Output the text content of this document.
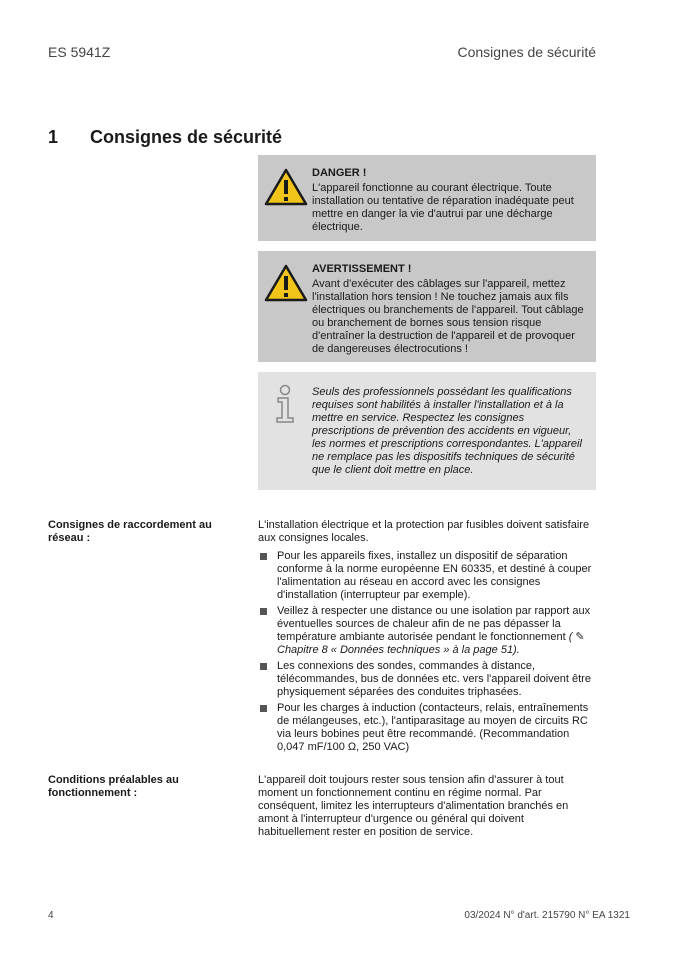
ES 5941Z	Consignes de sécurité
1 Consignes de sécurité
DANGER !
L'appareil fonctionne au courant électrique. Toute installation ou tentative de réparation inadéquate peut mettre en danger la vie d'autrui par une décharge électrique.
AVERTISSEMENT !
Avant d'exécuter des câblages sur l'appareil, mettez l'installation hors tension ! Ne touchez jamais aux fils électriques ou branchements de l'appareil. Tout câblage ou branchement de bornes sous tension risque d'entraîner la destruction de l'appareil et de provoquer de dangereuses électrocutions !
Seuls des professionnels possédant les qualifications requises sont habilités à installer l'installation et à la mettre en service. Respectez les consignes prescriptions de prévention des accidents en vigueur, les normes et prescriptions correspondantes. L'appareil ne remplace pas les dispositifs techniques de sécurité que le client doit mettre en place.
Consignes de raccordement au réseau :
L'installation électrique et la protection par fusibles doivent satisfaire aux consignes locales.
Pour les appareils fixes, installez un dispositif de séparation conforme à la norme européenne EN 60335, et destiné à couper l'alimentation au réseau en accord avec les consignes d'installation (interrupteur par exemple).
Veillez à respecter une distance ou une isolation par rapport aux éventuelles sources de chaleur afin de ne pas dépasser la température ambiante autorisée pendant le fonctionnement ( ✎ Chapitre 8 « Données techniques » à la page 51).
Les connexions des sondes, commandes à distance, télécommandes, bus de données etc. vers l'appareil doivent être physiquement séparées des conduites triphasées.
Pour les charges à induction (contacteurs, relais, entraînements de mélangeuses, etc.), l'antiparasitage au moyen de circuits RC via leurs bobines peut être recommandé. (Recommandation 0,047 mF/100 Ω, 250 VAC)
Conditions préalables au fonctionnement :
L'appareil doit toujours rester sous tension afin d'assurer à tout moment un fonctionnement continu en régime normal. Par conséquent, limitez les interrupteurs d'alimentation branchés en amont à l'interrupteur d'urgence ou général qui doivent habituellement rester en position de service.
4	03/2024 N° d'art. 215790 N° EA 1321
